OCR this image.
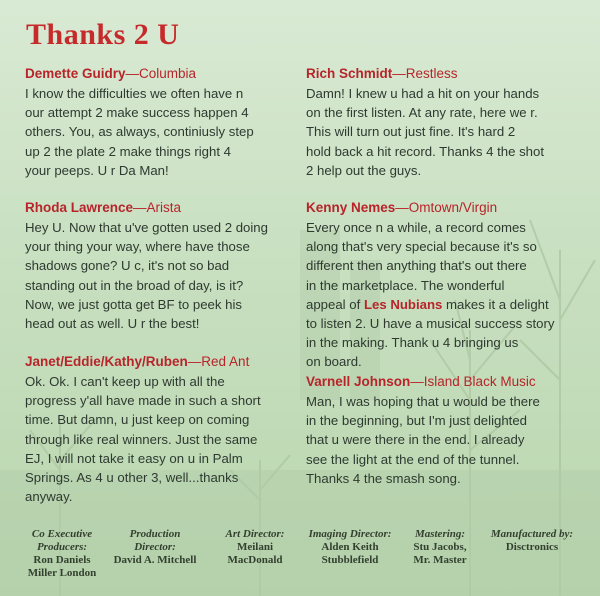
Thanks 2 U
Demette Guidry—Columbia
I know the difficulties we often have n
our attempt 2 make success happen 4
others. You, as always, continiusly step
up 2 the plate 2 make things right 4
your peeps. U r Da Man!
Rhoda Lawrence—Arista
Hey U. Now that u've gotten used 2 doing
your thing your way, where have those
shadows gone? U c, it's not so bad
standing out in the broad of day, is it?
Now, we just gotta get BF to peek his
head out as well. U r the best!
Janet/Eddie/Kathy/Ruben—Red Ant
Ok. Ok. I can't keep up with all the
progress y'all have made in such a short
time. But damn, u just keep on coming
through like real winners. Just the same
EJ, I will not take it easy on u in Palm
Springs. As 4 u other 3, well...thanks
anyway.
Rich Schmidt—Restless
Damn! I knew u had a hit on your hands
on the first listen. At any rate, here we r.
This will turn out just fine. It's hard 2
hold back a hit record. Thanks 4 the shot
2 help out the guys.
Kenny Nemes—Omtown/Virgin
Every once n a while, a record comes
along that's very special because it's so
different then anything that's out there
in the marketplace. The wonderful
appeal of Les Nubians makes it a delight
to listen 2. U have a musical success story
in the making. Thank u 4 bringing us
on board.
Varnell Johnson—Island Black Music
Man, I was hoping that u would be there
in the beginning, but I'm just delighted
that u were there in the end. I already
see the light at the end of the tunnel.
Thanks 4 the smash song.
Co Executive
Producers:
Ron Daniels
Miller London
Production
Director:
David A. Mitchell
Art Director:
Meilani
MacDonald
Imaging Director:
Alden Keith
Stubblefield
Mastering:
Stu Jacobs,
Mr. Master
Manufactured by:
Disctronics
